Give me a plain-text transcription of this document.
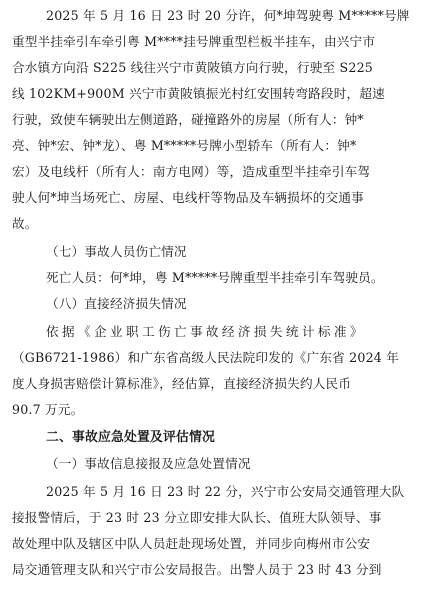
2025 年 5 月 16 日 23 时 20 分许，何*坤驾驶粤 M*****号牌
重型半挂牵引车牵引粤 M****挂号牌重型栏板半挂车，由兴宁市
合水镇方向沿 S225 线往兴宁市黄陂镇方向行驶，行驶至 S225
线 102KM+900M 兴宁市黄陂镇振光村红安围转弯路段时，超速
行驶，致使车辆驶出左侧道路，碰撞路外的房屋（所有人：钟*
亮、钟*宏、钟*龙）、粤 M*****号牌小型轿车（所有人：钟*
宏）及电线杆（所有人：南方电网）等，造成重型半挂牵引车驾
驶人何*坤当场死亡、房屋、电线杆等物品及车辆损坏的交通事
故。
（七）事故人员伤亡情况
死亡人员：何*坤，粤 M*****号牌重型半挂牵引车驾驶员。
（八）直接经济损失情况
依据《企业职工伤亡事故经济损失统计标准》
（GB6721-1986）和广东省高级人民法院印发的《广东省 2024 年
度人身损害赔偿计算标准》，经估算，直接经济损失约人民币
90.7 万元。
二、事故应急处置及评估情况
（一）事故信息接报及应急处置情况
2025 年 5 月 16 日 23 时 22 分，兴宁市公安局交通管理大队
接报警情后，于 23 时 23 分立即安排大队长、值班大队领导、事
故处理中队及辖区中队人员赶赴现场处置，并同步向梅州市公安
局交通管理支队和兴宁市公安局报告。出警人员于 23 时 43 分到
